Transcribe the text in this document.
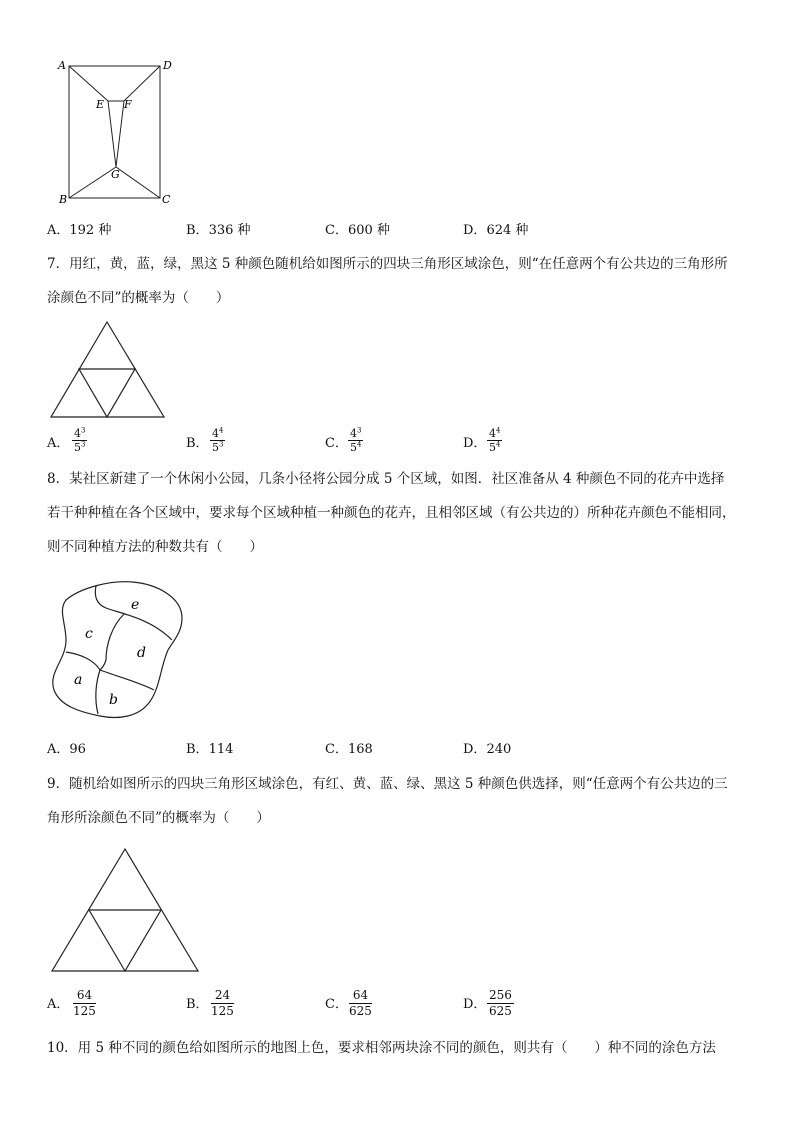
A	D
E F
G
B	C
A．192 种	B．336 种	C．600 种	D．624 种
7．用红，黄，蓝，绿，黑这 5 种颜色随机给如图所示的四块三角形区域涂色，则“在任意两个有公共边的三角形所
涂颜色不同”的概率为（　　）
A． $\frac{4^3}{5^3}$	B． $\frac{4^4}{5^3}$	C． $\frac{4^3}{5^4}$	D． $\frac{4^4}{5^4}$
8．某社区新建了一个休闲小公园，几条小径将公园分成 5 个区域，如图．社区准备从 4 种颜色不同的花卉中选择
若干种种植在各个区域中，要求每个区域种植一种颜色的花卉，且相邻区域（有公共边的）所种花卉颜色不能相同，
则不同种植方法的种数共有（　　）
e
c
d
a
b
A．96	B．114	C．168	D．240
9．随机给如图所示的四块三角形区域涂色，有红、黄、蓝、绿、黑这 5 种颜色供选择，则“任意两个有公共边的三
角形所涂颜色不同”的概率为（　　）
A． $\frac{64}{125}$	B． $\frac{24}{125}$	C． $\frac{64}{625}$	D． $\frac{256}{625}$
10．用 5 种不同的颜色给如图所示的地图上色，要求相邻两块涂不同的颜色，则共有（　　）种不同的涂色方法
